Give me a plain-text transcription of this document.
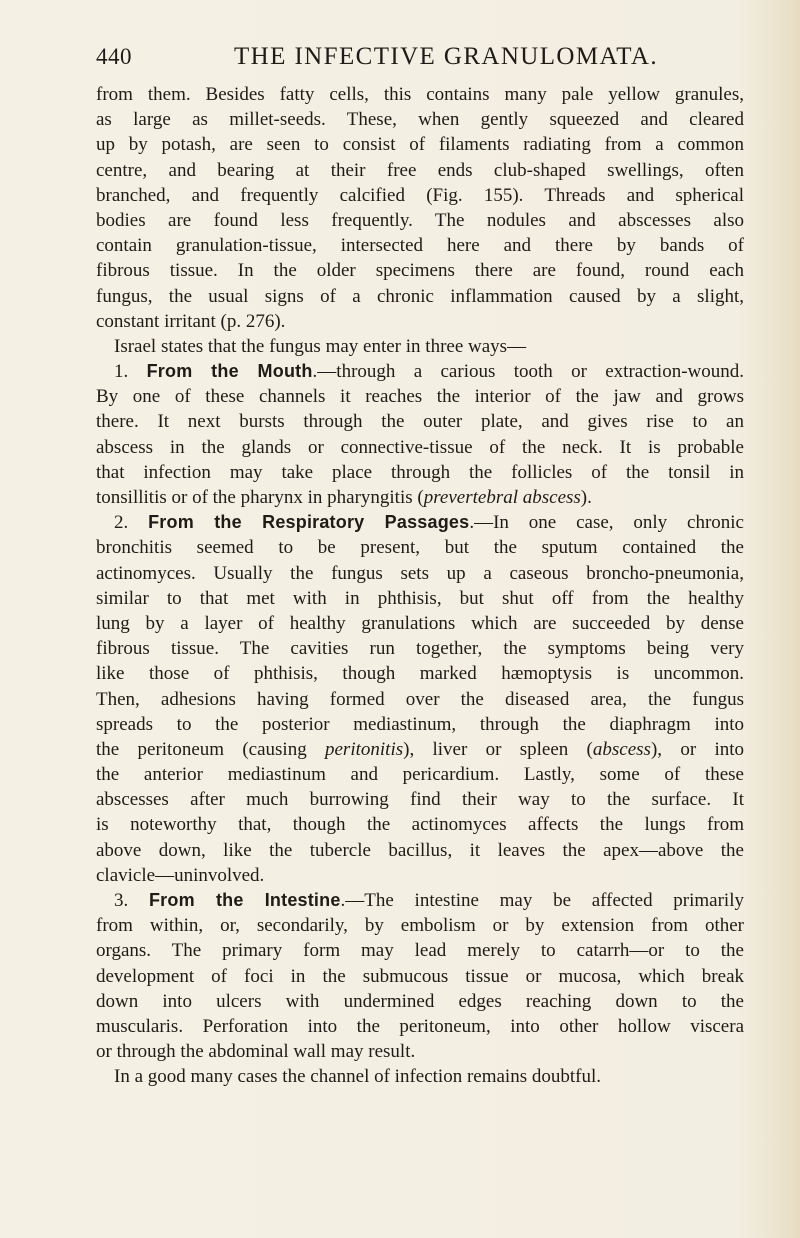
440	THE INFECTIVE GRANULOMATA.
from them. Besides fatty cells, this contains many pale yellow granules,
as large as millet-seeds. These, when gently squeezed and cleared
up by potash, are seen to consist of filaments radiating from a common
centre, and bearing at their free ends club-shaped swellings, often
branched, and frequently calcified (Fig. 155). Threads and spherical
bodies are found less frequently. The nodules and abscesses also
contain granulation-tissue, intersected here and there by bands of
fibrous tissue. In the older specimens there are found, round each
fungus, the usual signs of a chronic inflammation caused by a slight,
constant irritant (p. 276).
Israel states that the fungus may enter in three ways—
1. From the Mouth.—through a carious tooth or extraction-wound.
By one of these channels it reaches the interior of the jaw and grows
there. It next bursts through the outer plate, and gives rise to an
abscess in the glands or connective-tissue of the neck. It is probable
that infection may take place through the follicles of the tonsil in
tonsillitis or of the pharynx in pharyngitis (prevertebral abscess).
2. From the Respiratory Passages.—In one case, only chronic
bronchitis seemed to be present, but the sputum contained the
actinomyces. Usually the fungus sets up a caseous broncho-pneumonia,
similar to that met with in phthisis, but shut off from the healthy
lung by a layer of healthy granulations which are succeeded by dense
fibrous tissue. The cavities run together, the symptoms being very
like those of phthisis, though marked hæmoptysis is uncommon.
Then, adhesions having formed over the diseased area, the fungus
spreads to the posterior mediastinum, through the diaphragm into
the peritoneum (causing peritonitis), liver or spleen (abscess), or into
the anterior mediastinum and pericardium. Lastly, some of these
abscesses after much burrowing find their way to the surface. It
is noteworthy that, though the actinomyces affects the lungs from
above down, like the tubercle bacillus, it leaves the apex—above the
clavicle—uninvolved.
3. From the Intestine.—The intestine may be affected primarily
from within, or, secondarily, by embolism or by extension from other
organs. The primary form may lead merely to catarrh—or to the
development of foci in the submucous tissue or mucosa, which break
down into ulcers with undermined edges reaching down to the
muscularis. Perforation into the peritoneum, into other hollow viscera
or through the abdominal wall may result.
In a good many cases the channel of infection remains doubtful.
